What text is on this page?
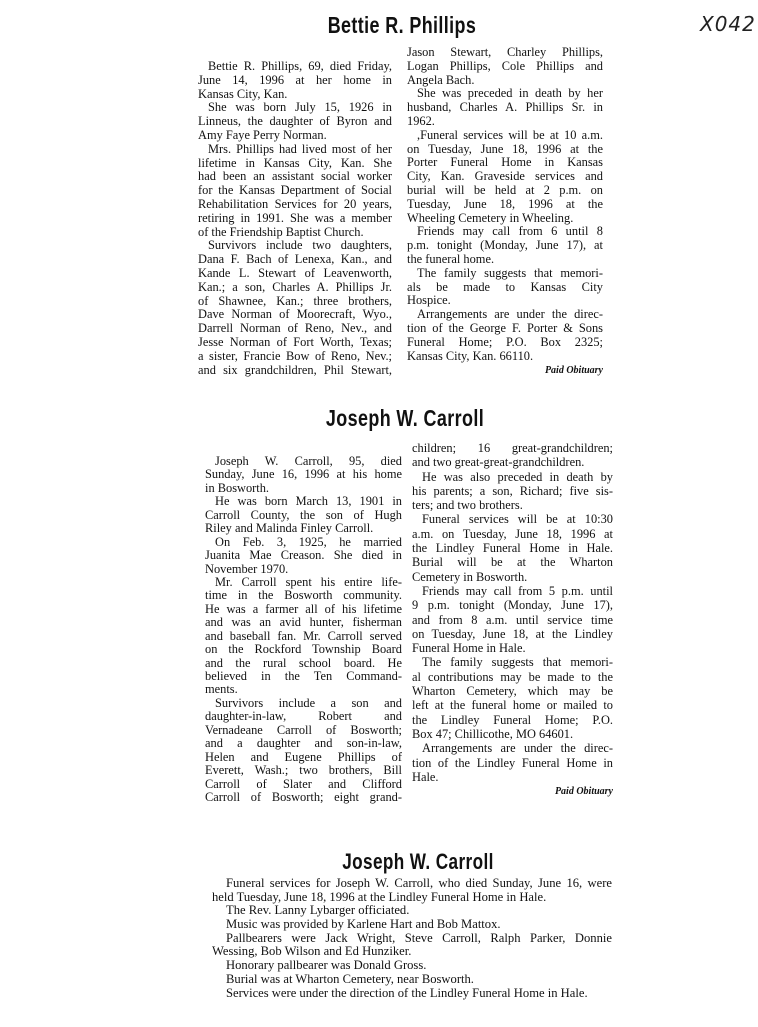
X042
Bettie R. Phillips
Bettie R. Phillips, 69, died Friday,
June 14, 1996 at her home in
Kansas City, Kan.
She was born July 15, 1926 in
Linneus, the daughter of Byron and
Amy Faye Perry Norman.
Mrs. Phillips had lived most of her
lifetime in Kansas City, Kan. She
had been an assistant social worker
for the Kansas Department of Social
Rehabilitation Services for 20 years,
retiring in 1991. She was a member
of the Friendship Baptist Church.
Survivors include two daughters,
Dana F. Bach of Lenexa, Kan., and
Kande L. Stewart of Leavenworth,
Kan.; a son, Charles A. Phillips Jr.
of Shawnee, Kan.; three brothers,
Dave Norman of Moorecraft, Wyo.,
Darrell Norman of Reno, Nev., and
Jesse Norman of Fort Worth, Texas;
a sister, Francie Bow of Reno, Nev.;
and six grandchildren, Phil Stewart,
Jason Stewart, Charley Phillips,
Logan Phillips, Cole Phillips and
Angela Bach.
She was preceded in death by her
husband, Charles A. Phillips Sr. in
1962.
,Funeral services will be at 10 a.m.
on Tuesday, June 18, 1996 at the
Porter Funeral Home in Kansas
City, Kan. Graveside services and
burial will be held at 2 p.m. on
Tuesday, June 18, 1996 at the
Wheeling Cemetery in Wheeling.
Friends may call from 6 until 8
p.m. tonight (Monday, June 17), at
the funeral home.
The family suggests that memori-
als be made to Kansas City
Hospice.
Arrangements are under the direc-
tion of the George F. Porter & Sons
Funeral Home; P.O. Box 2325;
Kansas City, Kan. 66110.
Paid Obituary
Joseph W. Carroll
Joseph W. Carroll, 95, died
Sunday, June 16, 1996 at his home
in Bosworth.
He was born March 13, 1901 in
Carroll County, the son of Hugh
Riley and Malinda Finley Carroll.
On Feb. 3, 1925, he married
Juanita Mae Creason. She died in
November 1970.
Mr. Carroll spent his entire life-
time in the Bosworth community.
He was a farmer all of his lifetime
and was an avid hunter, fisherman
and baseball fan. Mr. Carroll served
on the Rockford Township Board
and the rural school board. He
believed in the Ten Command-
ments.
Survivors include a son and
daughter-in-law, Robert and
Vernadeane Carroll of Bosworth;
and a daughter and son-in-law,
Helen and Eugene Phillips of
Everett, Wash.; two brothers, Bill
Carroll of Slater and Clifford
Carroll of Bosworth; eight grand-
children; 16 great-grandchildren;
and two great-great-grandchildren.
He was also preceded in death by
his parents; a son, Richard; five sis-
ters; and two brothers.
Funeral services will be at 10:30
a.m. on Tuesday, June 18, 1996 at
the Lindley Funeral Home in Hale.
Burial will be at the Wharton
Cemetery in Bosworth.
Friends may call from 5 p.m. until
9 p.m. tonight (Monday, June 17),
and from 8 a.m. until service time
on Tuesday, June 18, at the Lindley
Funeral Home in Hale.
The family suggests that memori-
al contributions may be made to the
Wharton Cemetery, which may be
left at the funeral home or mailed to
the Lindley Funeral Home; P.O.
Box 47; Chillicothe, MO 64601.
Arrangements are under the direc-
tion of the Lindley Funeral Home in
Hale.
Paid Obituary
Joseph W. Carroll
Funeral services for Joseph W. Carroll, who died Sunday, June 16, were
held Tuesday, June 18, 1996 at the Lindley Funeral Home in Hale.
The Rev. Lanny Lybarger officiated.
Music was provided by Karlene Hart and Bob Mattox.
Pallbearers were Jack Wright, Steve Carroll, Ralph Parker, Donnie
Wessing, Bob Wilson and Ed Hunziker.
Honorary pallbearer was Donald Gross.
Burial was at Wharton Cemetery, near Bosworth.
Services were under the direction of the Lindley Funeral Home in Hale.
